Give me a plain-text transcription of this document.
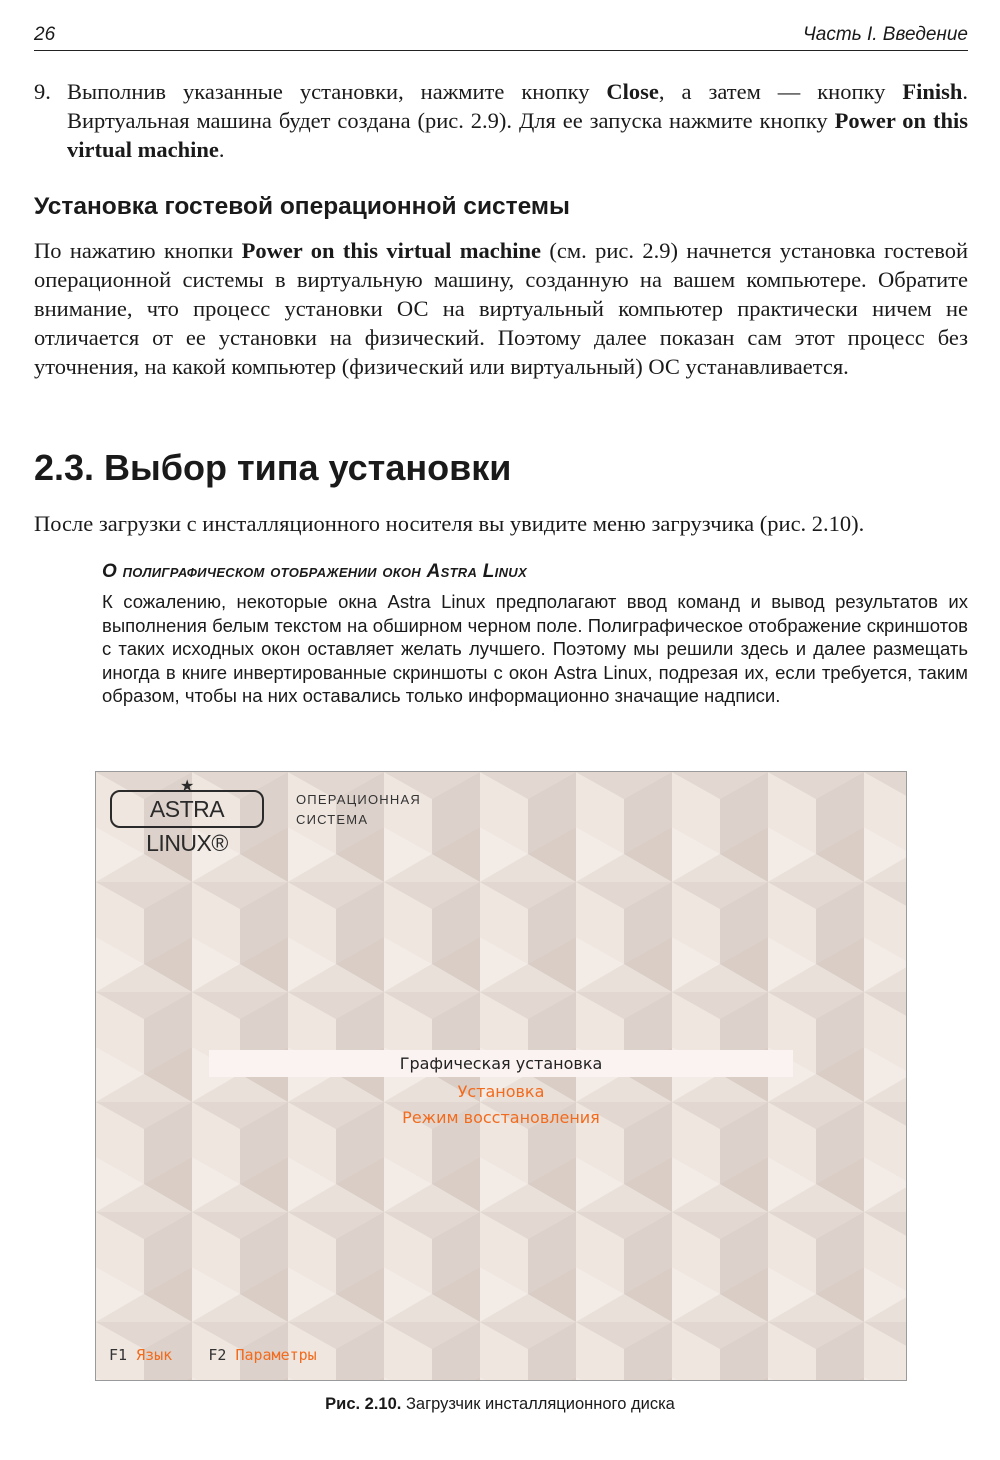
26	Часть I. Введение
9. Выполнив указанные установки, нажмите кнопку Close, а затем — кнопку Finish. Виртуальная машина будет создана (рис. 2.9). Для ее запуска нажмите кнопку Power on this virtual machine.
Установка гостевой операционной системы

По нажатию кнопки Power on this virtual machine (см. рис. 2.9) начнется установка гостевой операционной системы в виртуальную машину, созданную на вашем компьютере. Обратите внимание, что процесс установки ОС на виртуальный компьютер практически ничем не отличается от ее установки на физический. Поэтому далее показан сам этот процесс без уточнения, на какой компьютер (физический или виртуальный) ОС устанавливается.

2.3. Выбор типа установки

После загрузки с инсталляционного носителя вы увидите меню загрузчика (рис. 2.10).

О полиграфическом отображении окон Astra Linux

К сожалению, некоторые окна Astra Linux предполагают ввод команд и вывод результатов их выполнения белым текстом на обширном черном поле. Полиграфическое отображение скриншотов с таких исходных окон оставляет желать лучшего. Поэтому мы решили здесь и далее размещать иногда в книге инвертированные скриншоты с окон Astra Linux, подрезая их, если требуется, таким образом, чтобы на них оставались только информационно значащие надписи.

★
ASTRA LINUX®
ОПЕРАЦИОННАЯ
СИСТЕМА
Графическая установка
Установка
Режим восстановления
F1 Язык F2 Параметры
Рис. 2.10. Загрузчик инсталляционного диска
